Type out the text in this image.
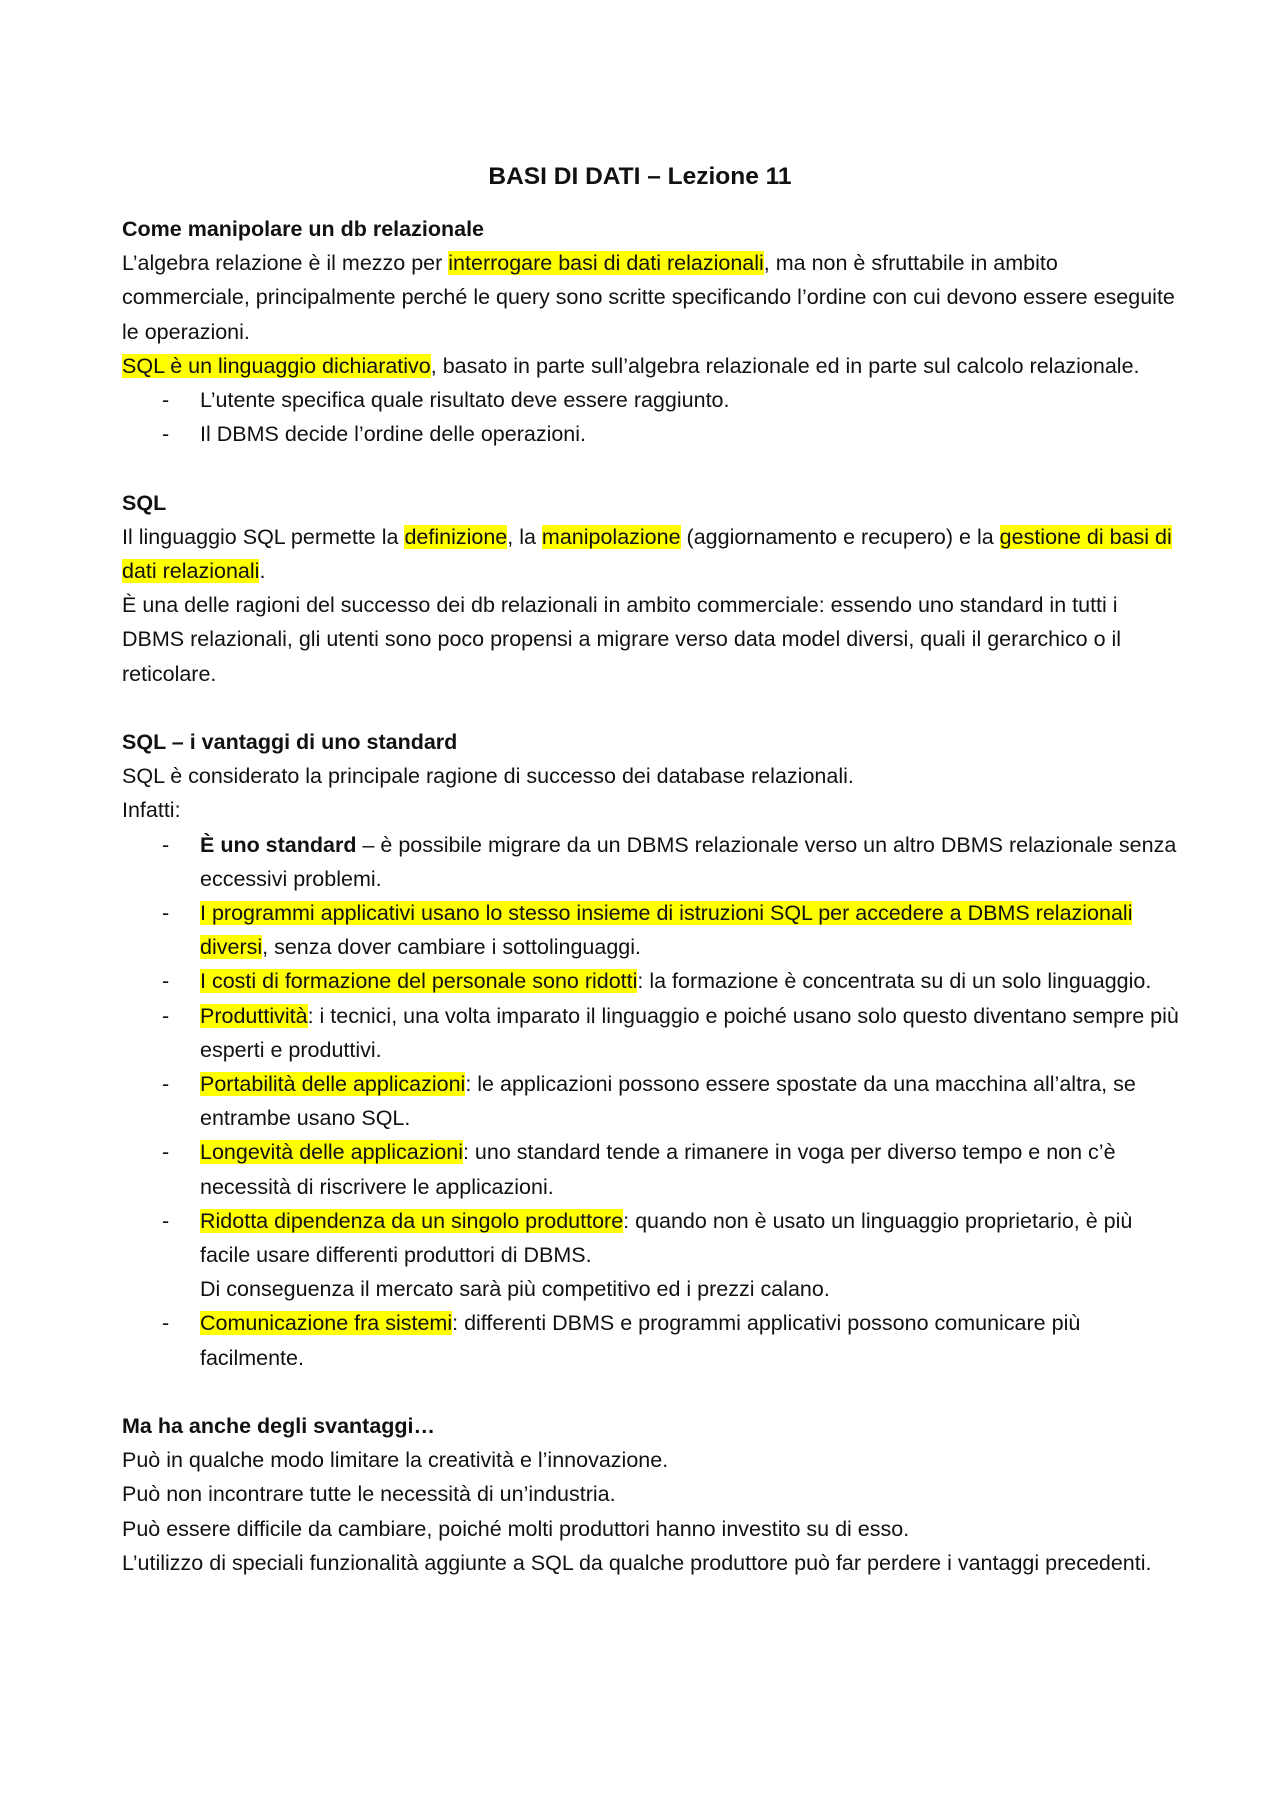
BASI DI DATI – Lezione 11

Come manipolare un db relazionale

L’algebra relazione è il mezzo per interrogare basi di dati relazionali, ma non è sfruttabile in ambito commerciale, principalmente perché le query sono scritte specificando l’ordine con cui devono essere eseguite le operazioni.

SQL è un linguaggio dichiarativo, basato in parte sull’algebra relazionale ed in parte sul calcolo relazionale.

- L’utente specifica quale risultato deve essere raggiunto.
- Il DBMS decide l’ordine delle operazioni.

SQL

Il linguaggio SQL permette la definizione, la manipolazione (aggiornamento e recupero) e la gestione di basi di dati relazionali.

È una delle ragioni del successo dei db relazionali in ambito commerciale: essendo uno standard in tutti i DBMS relazionali, gli utenti sono poco propensi a migrare verso data model diversi, quali il gerarchico o il reticolare.

SQL – i vantaggi di uno standard

SQL è considerato la principale ragione di successo dei database relazionali.

Infatti:

- È uno standard – è possibile migrare da un DBMS relazionale verso un altro DBMS relazionale senza eccessivi problemi.
- I programmi applicativi usano lo stesso insieme di istruzioni SQL per accedere a DBMS relazionali diversi, senza dover cambiare i sottolinguaggi.
- I costi di formazione del personale sono ridotti: la formazione è concentrata su di un solo linguaggio.
- Produttività: i tecnici, una volta imparato il linguaggio e poiché usano solo questo diventano sempre più esperti e produttivi.
- Portabilità delle applicazioni: le applicazioni possono essere spostate da una macchina all’altra, se entrambe usano SQL.
- Longevità delle applicazioni: uno standard tende a rimanere in voga per diverso tempo e non c’è necessità di riscrivere le applicazioni.
- Ridotta dipendenza da un singolo produttore: quando non è usato un linguaggio proprietario, è più facile usare differenti produttori di DBMS.
Di conseguenza il mercato sarà più competitivo ed i prezzi calano.
- Comunicazione fra sistemi: differenti DBMS e programmi applicativi possono comunicare più facilmente.

Ma ha anche degli svantaggi…

Può in qualche modo limitare la creatività e l’innovazione.

Può non incontrare tutte le necessità di un’industria.

Può essere difficile da cambiare, poiché molti produttori hanno investito su di esso.

L’utilizzo di speciali funzionalità aggiunte a SQL da qualche produttore può far perdere i vantaggi precedenti.
